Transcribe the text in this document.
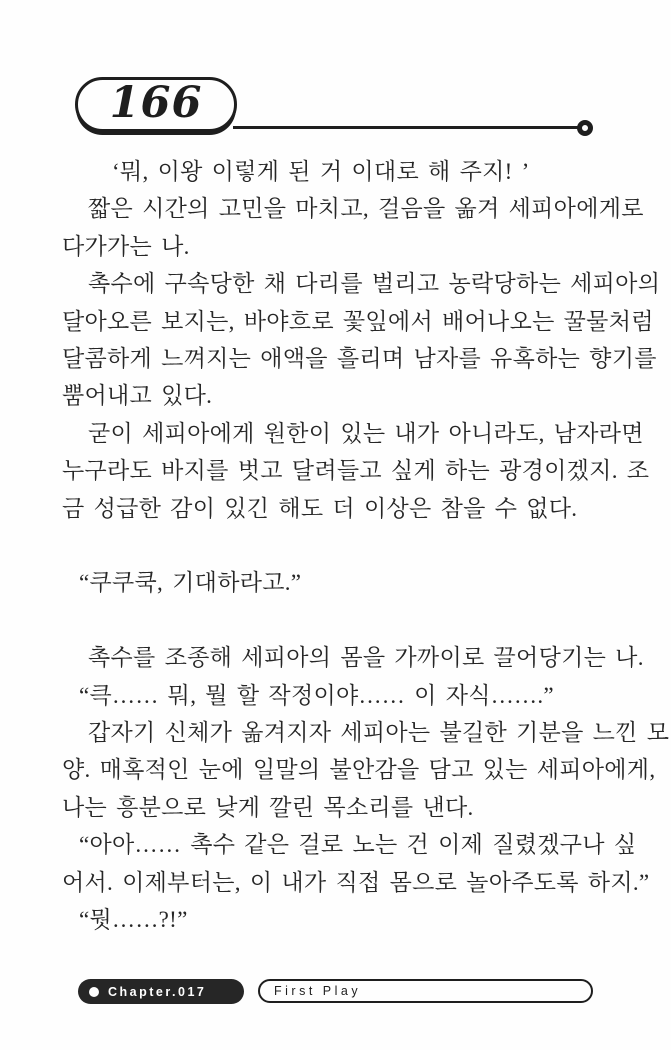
166
‘뭐, 이왕 이렇게 된 거 이대로 해 주지! ’
짧은 시간의 고민을 마치고, 걸음을 옮겨 세피아에게로
다가가는 나.
촉수에 구속당한 채 다리를 벌리고 농락당하는 세피아의
달아오른 보지는, 바야흐로 꽃잎에서 배어나오는 꿀물처럼
달콤하게 느껴지는 애액을 흘리며 남자를 유혹하는 향기를
뿜어내고 있다.
굳이 세피아에게 원한이 있는 내가 아니라도, 남자라면
누구라도 바지를 벗고 달려들고 싶게 하는 광경이겠지. 조
금 성급한 감이 있긴 해도 더 이상은 참을 수 없다.
“쿠쿠쿡, 기대하라고.”
촉수를 조종해 세피아의 몸을 가까이로 끌어당기는 나.
“큭…… 뭐, 뭘 할 작정이야…… 이 자식…….”
갑자기 신체가 옮겨지자 세피아는 불길한 기분을 느낀 모
양. 매혹적인 눈에 일말의 불안감을 담고 있는 세피아에게,
나는 흥분으로 낮게 깔린 목소리를 낸다.
“아아…… 촉수 같은 걸로 노는 건 이제 질렸겠구나 싶
어서. 이제부터는, 이 내가 직접 몸으로 놀아주도록 하지.”
“뭣……?!”
Chapter.017	First Play
